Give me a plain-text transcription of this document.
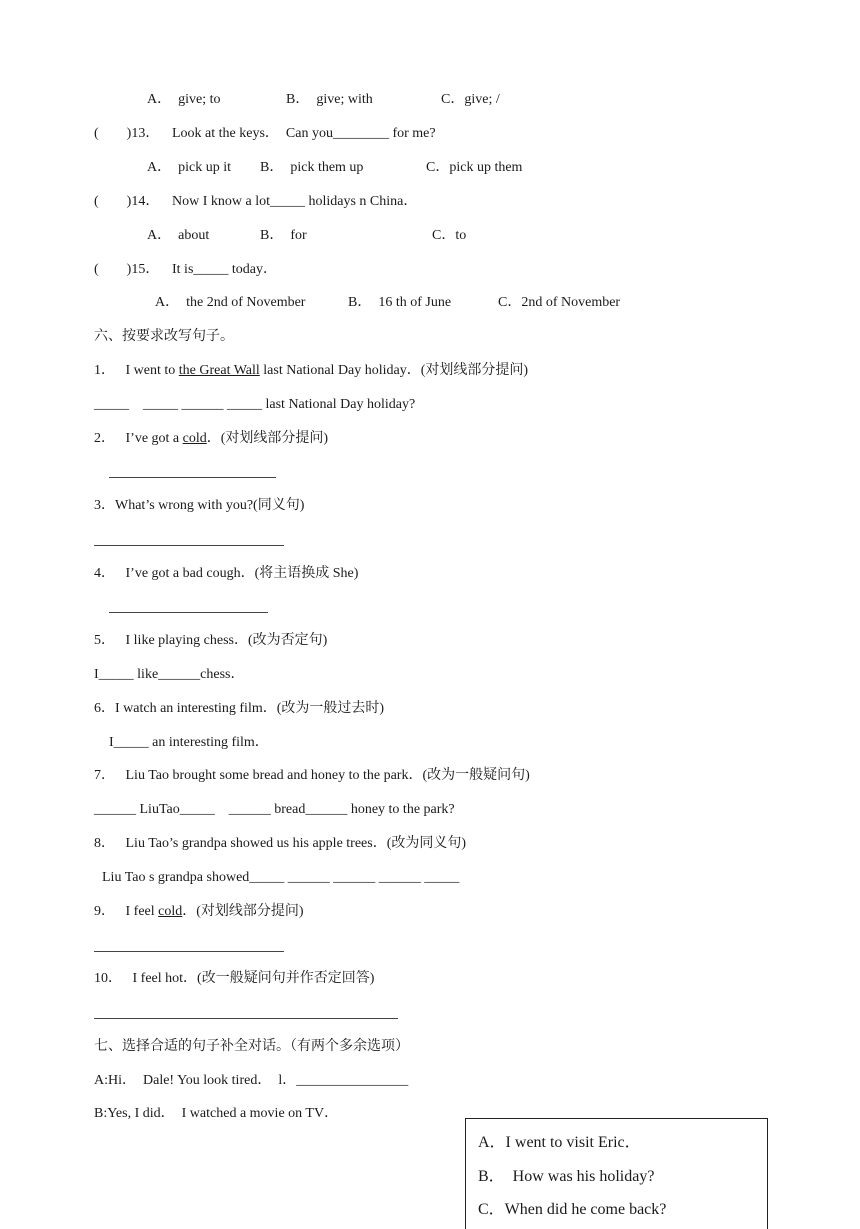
A．  give; to	B．  give; with	C．give; /
(        )13． Look at the keys．  Can you________ for me?
A．  pick up it B．  pick them up	C．pick up them
(        )14． Now I know a lot_____ holidays n China．
A．  about	B．  for	C．to
(        )15． It is_____ today．
A．  the 2nd of November	B．  16 th of June	C．2nd of November
六、按要求改写句子。
1． I went to the Great Wall last National Day holiday．(对划线部分提问)
_____    _____ ______ _____ last National Day holiday?
2． I’ve got a cold．(对划线部分提问)
3．What’s wrong with you?(同义句)
4． I’ve got a bad cough．(将主语换成 She)
5． I like playing chess．(改为否定句)
I_____ like______chess．
6．I watch an interesting film．(改为一般过去时)
I_____ an interesting film．
7． Liu Tao brought some bread and honey to the park．(改为一般疑问句)
______ LiuTao_____    ______ bread______ honey to the park?
8． Liu Tao’s grandpa showed us his apple trees．(改为同义句)
Liu Tao s grandpa showed_____ ______ ______ ______ _____
9． I feel cold．(对划线部分提问)
10． I feel hot．(改一般疑问句并作否定回答)
七、选择合适的句子补全对话。（有两个多余选项）
A:Hi．  Dale! You look tired．  l．________________
B:Yes, I did．  I watched a movie on TV．
A．I went to visit Eric．
B．  How was his holiday?
C．When did he come back?
